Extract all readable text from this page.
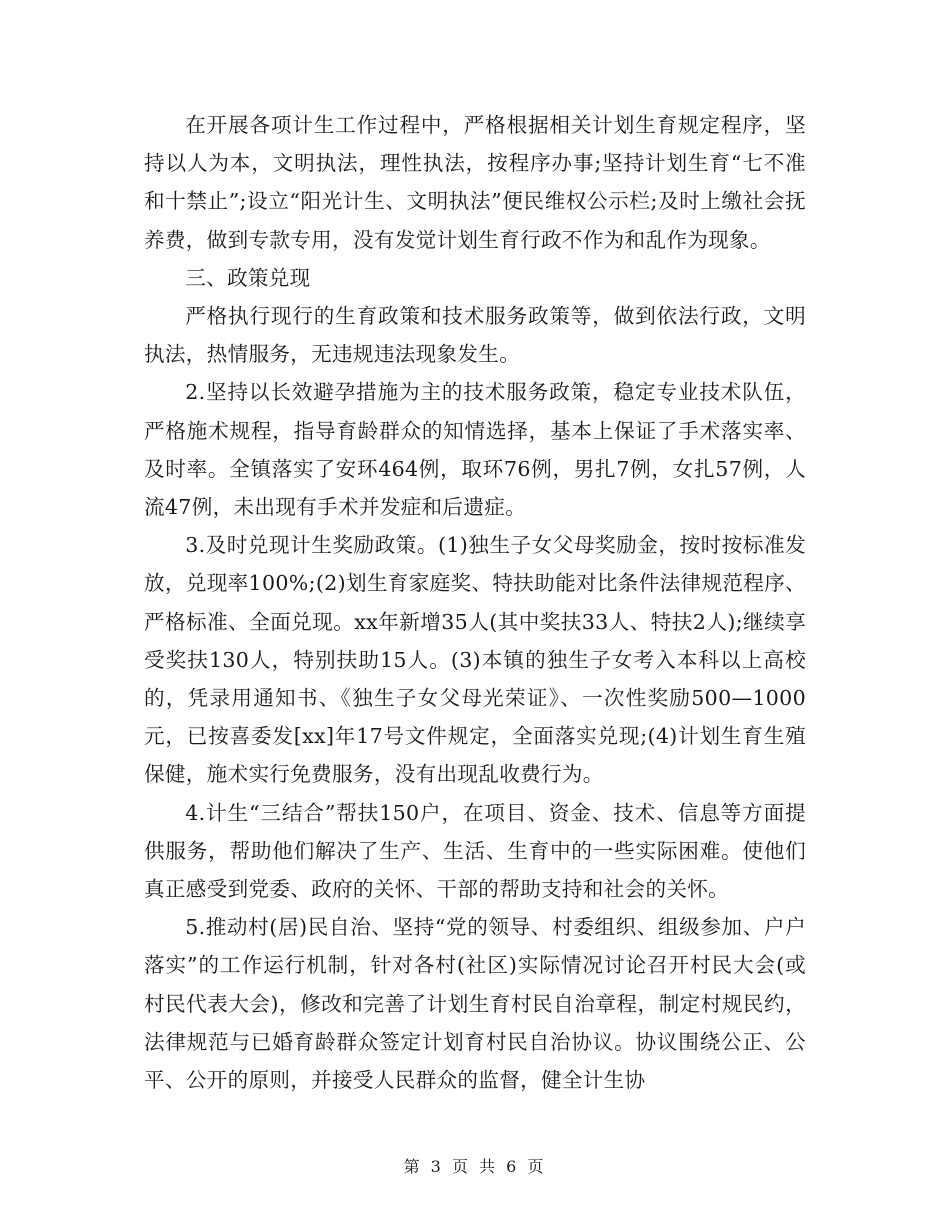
在开展各项计生工作过程中，严格根据相关计划生育规定程序，坚持以人为本，文明执法，理性执法，按程序办事;坚持计划生育“七不准和十禁止”;设立“阳光计生、文明执法”便民维权公示栏;及时上缴社会抚养费，做到专款专用，没有发觉计划生育行政不作为和乱作为现象。

三、政策兑现

严格执行现行的生育政策和技术服务政策等，做到依法行政，文明执法，热情服务，无违规违法现象发生。

2.坚持以长效避孕措施为主的技术服务政策，稳定专业技术队伍，严格施术规程，指导育龄群众的知情选择，基本上保证了手术落实率、及时率。全镇落实了安环464例，取环76例，男扎7例，女扎57例，人流47例，未出现有手术并发症和后遗症。

3.及时兑现计生奖励政策。(1)独生子女父母奖励金，按时按标准发放，兑现率100%;(2)划生育家庭奖、特扶助能对比条件法律规范程序、严格标准、全面兑现。xx年新增35人(其中奖扶33人、特扶2人);继续享受奖扶130人，特别扶助15人。(3)本镇的独生子女考入本科以上高校的，凭录用通知书、《独生子女父母光荣证》、一次性奖励500—1000元，已按喜委发[xx]年17号文件规定，全面落实兑现;(4)计划生育生殖保健，施术实行免费服务，没有出现乱收费行为。

4.计生“三结合”帮扶150户，在项目、资金、技术、信息等方面提供服务，帮助他们解决了生产、生活、生育中的一些实际困难。使他们真正感受到党委、政府的关怀、干部的帮助支持和社会的关怀。

5.推动村(居)民自治、坚持“党的领导、村委组织、组级参加、户户落实”的工作运行机制，针对各村(社区)实际情况讨论召开村民大会(或村民代表大会)，修改和完善了计划生育村民自治章程，制定村规民约，法律规范与已婚育龄群众签定计划育村民自治协议。协议围绕公正、公平、公开的原则，并接受人民群众的监督，健全计生协

第 3 页 共 6 页
